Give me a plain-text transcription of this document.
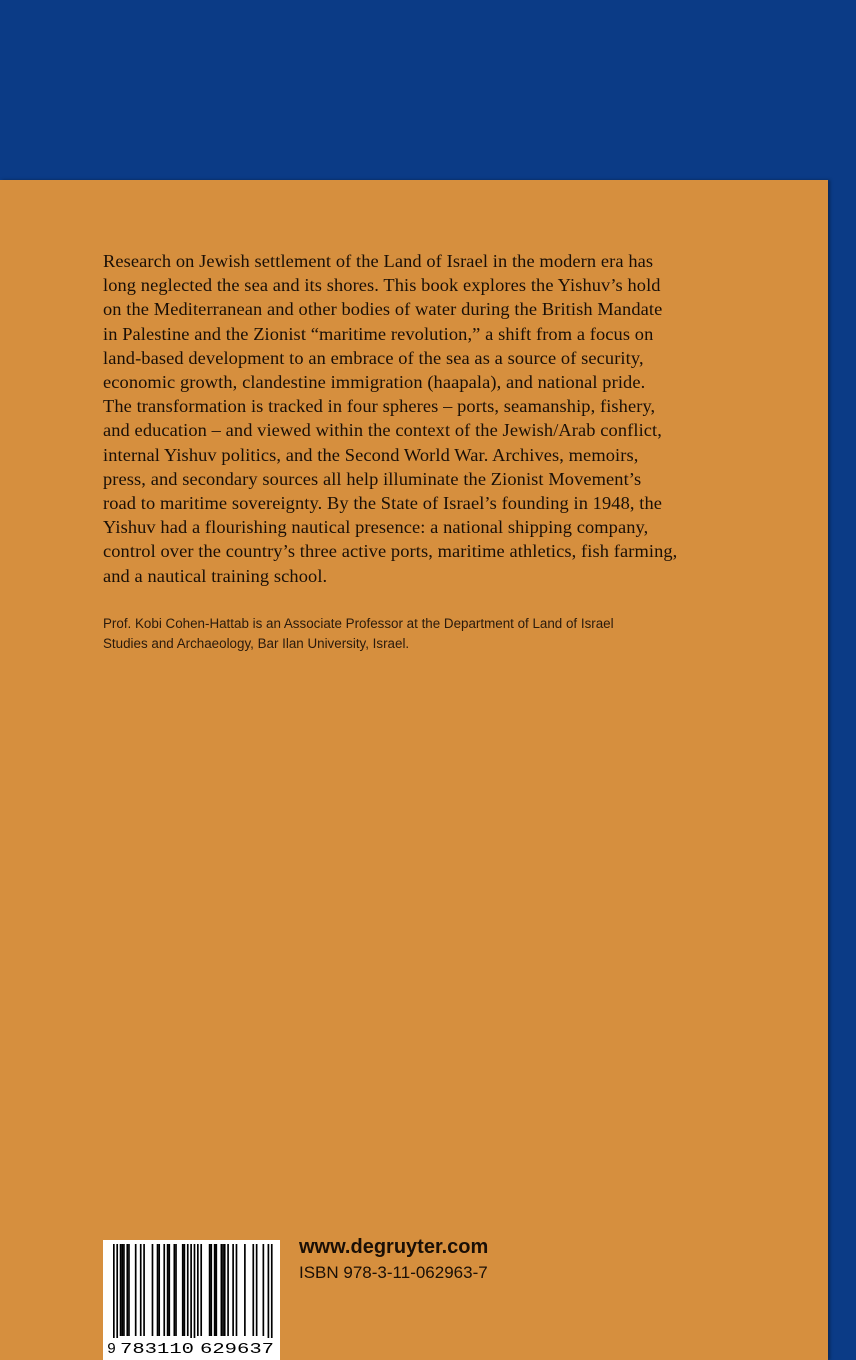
Research on Jewish settlement of the Land of Israel in the modern era has
long neglected the sea and its shores. This book explores the Yishuv’s hold
on the Mediterranean and other bodies of water during the British Mandate
in Palestine and the Zionist “maritime revolution,” a shift from a focus on
land-based development to an embrace of the sea as a source of security,
economic growth, clandestine immigration (haapala), and national pride.
The transformation is tracked in four spheres – ports, seamanship, fishery,
and education – and viewed within the context of the Jewish/Arab conflict,
internal Yishuv politics, and the Second World War. Archives, memoirs,
press, and secondary sources all help illuminate the Zionist Movement’s
road to maritime sovereignty. By the State of Israel’s founding in 1948, the
Yishuv had a flourishing nautical presence: a national shipping company,
control over the country’s three active ports, maritime athletics, fish farming,
and a nautical training school.
Prof. Kobi Cohen-Hattab is an Associate Professor at the Department of Land of Israel
Studies and Archaeology, Bar Ilan University, Israel.
9 783110 629637
www.degruyter.com
ISBN 978-3-11-062963-7
